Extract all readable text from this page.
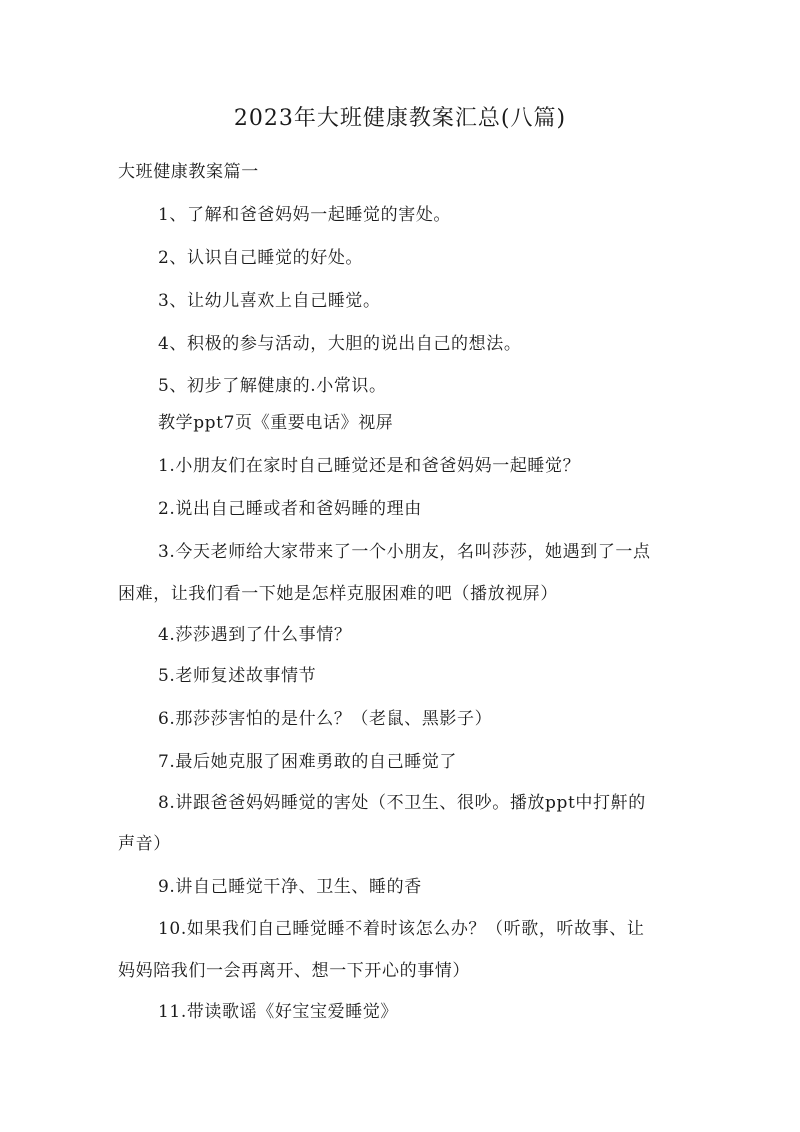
2023年大班健康教案汇总(八篇)
大班健康教案篇一
1、了解和爸爸妈妈一起睡觉的害处。
2、认识自己睡觉的好处。
3、让幼儿喜欢上自己睡觉。
4、积极的参与活动，大胆的说出自己的想法。
5、初步了解健康的.小常识。
教学ppt7页《重要电话》视屏
1.小朋友们在家时自己睡觉还是和爸爸妈妈一起睡觉？
2.说出自己睡或者和爸妈睡的理由
3.今天老师给大家带来了一个小朋友，名叫莎莎，她遇到了一点
困难，让我们看一下她是怎样克服困难的吧（播放视屏）
4.莎莎遇到了什么事情？
5.老师复述故事情节
6.那莎莎害怕的是什么？（老鼠、黑影子）
7.最后她克服了困难勇敢的自己睡觉了
8.讲跟爸爸妈妈睡觉的害处（不卫生、很吵。播放ppt中打鼾的
声音）
9.讲自己睡觉干净、卫生、睡的香
10.如果我们自己睡觉睡不着时该怎么办？（听歌，听故事、让
妈妈陪我们一会再离开、想一下开心的事情）
11.带读歌谣《好宝宝爱睡觉》
